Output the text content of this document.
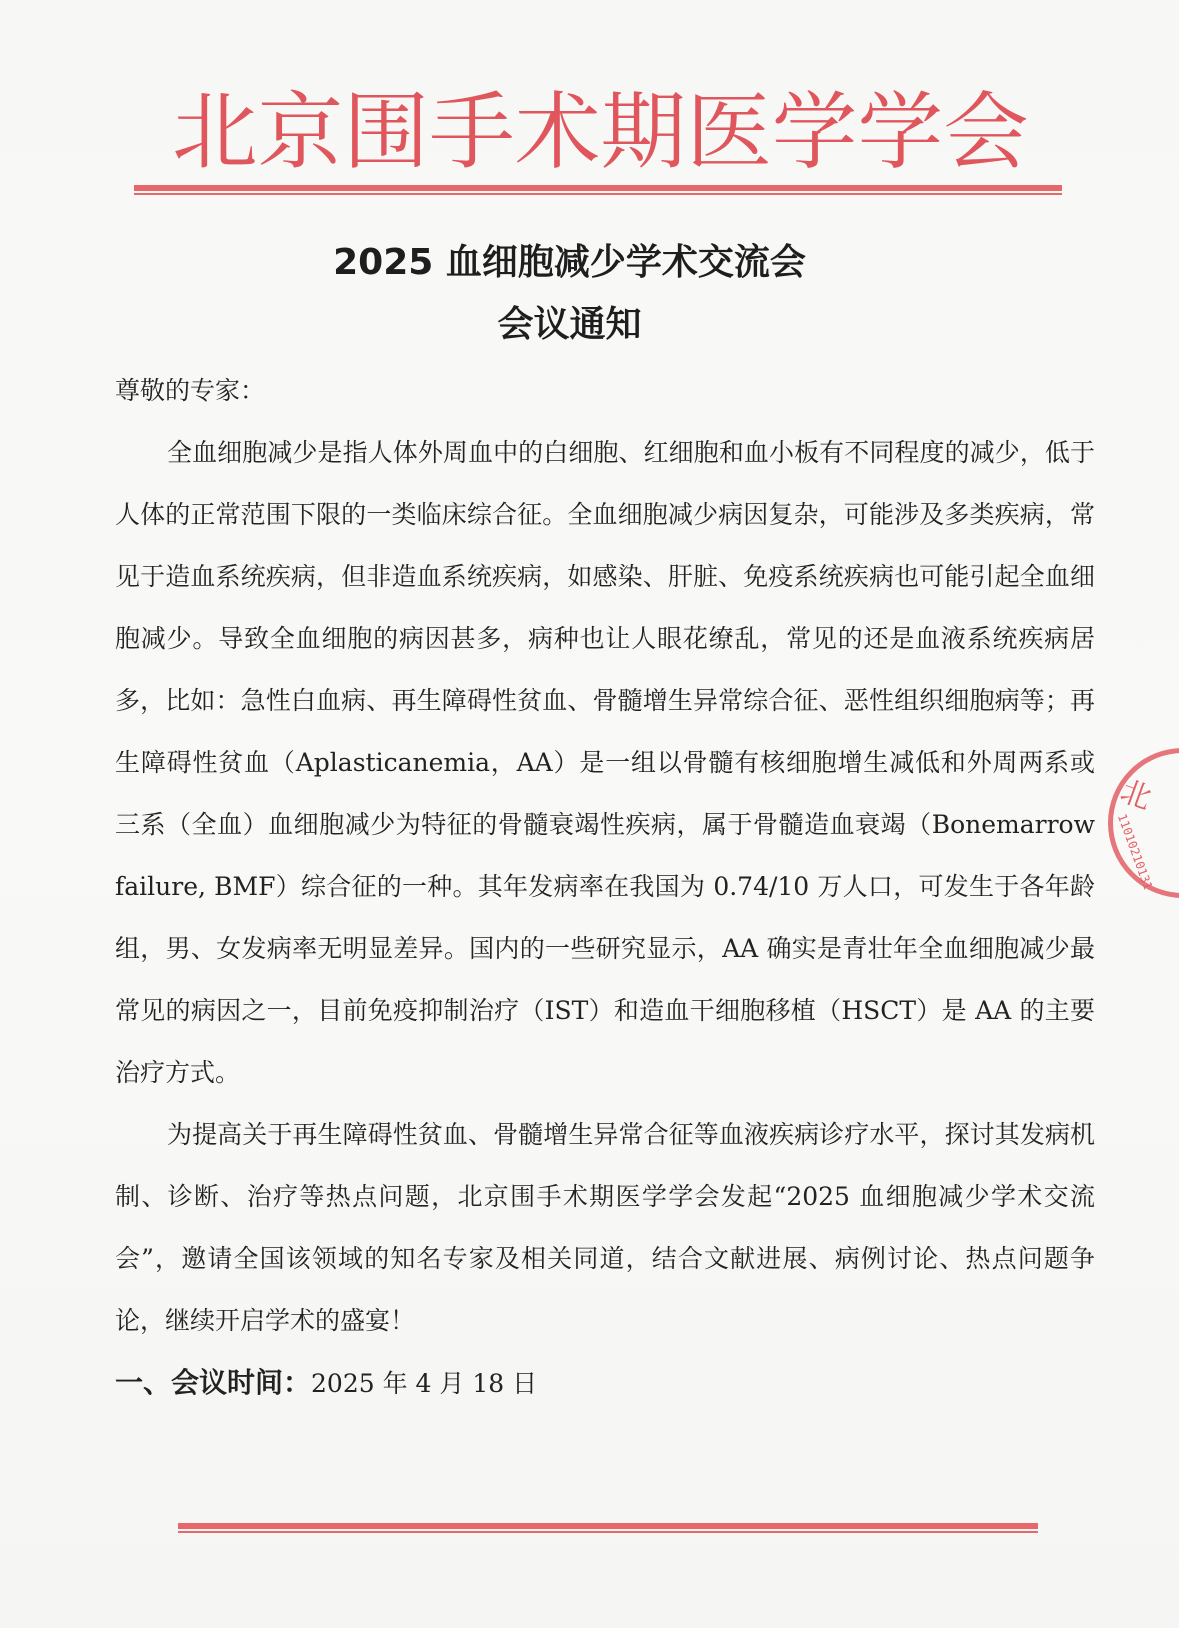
北京围手术期医学学会
2025 血细胞减少学术交流会
会议通知

尊敬的专家：

全血细胞减少是指人体外周血中的白细胞、红细胞和血小板有不同程度的减少，低于人体的正常范围下限的一类临床综合征。全血细胞减少病因复杂，可能涉及多类疾病，常见于造血系统疾病，但非造血系统疾病，如感染、肝脏、免疫系统疾病也可能引起全血细胞减少。导致全血细胞的病因甚多，病种也让人眼花缭乱，常见的还是血液系统疾病居多，比如：急性白血病、再生障碍性贫血、骨髓增生异常综合征、恶性组织细胞病等；再生障碍性贫血（Aplasticanemia，AA）是一组以骨髓有核细胞增生减低和外周两系或三系（全血）血细胞减少为特征的骨髓衰竭性疾病，属于骨髓造血衰竭（Bonemarrow failure, BMF）综合征的一种。其年发病率在我国为 0.74/10 万人口，可发生于各年龄组，男、女发病率无明显差异。国内的一些研究显示，AA 确实是青壮年全血细胞减少最常见的病因之一，目前免疫抑制治疗（IST）和造血干细胞移植（HSCT）是 AA 的主要治疗方式。

为提高关于再生障碍性贫血、骨髓增生异常合征等血液疾病诊疗水平，探讨其发病机制、诊断、治疗等热点问题，北京围手术期医学学会发起“2025 血细胞减少学术交流会”，邀请全国该领域的知名专家及相关同道，结合文献进展、病例讨论、热点问题争论，继续开启学术的盛宴！

一、会议时间：2025 年 4 月 18 日

北
11010210131
